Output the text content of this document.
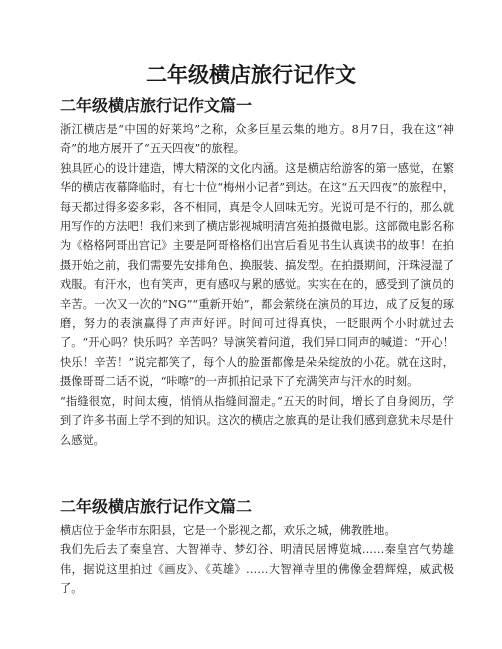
二年级横店旅行记作文
二年级横店旅行记作文篇一

浙江横店是“中国的好莱坞”之称，众多巨星云集的地方。8月7日，我在这“神奇”的地方展开了“五天四夜”的旅程。

独具匠心的设计建造，博大精深的文化内涵。这是横店给游客的第一感觉，在繁华的横店夜幕降临时，有七十位“梅州小记者”到达。在这“五天四夜”的旅程中，每天都过得多姿多彩，各不相同，真是令人回味无穷。光说可是不行的，那么就用写作的方法吧！我们来到了横店影视城明清宫苑拍摄微电影。这部微电影名称为《格格阿哥出宫记》主要是阿哥格格们出宫后看见书生认真读书的故事！在拍摄开始之前，我们需要先安排角色、换服装、搞发型。在拍摄期间，汗珠浸湿了戏服。有汗水，也有笑声，更有感叹与累的感觉。实实在在的，感受到了演员的辛苦。一次又一次的“NG”“重新开始”，都会萦绕在演员的耳边，成了反复的琢磨，努力的表演赢得了声声好评。时间可过得真快，一眨眼两个小时就过去了。“开心吗？快乐吗？辛苦吗？导演笑着问道，我们异口同声的喊道：“开心！快乐！辛苦！”说完都笑了，每个人的脸蛋都像是朵朵绽放的小花。就在这时，摄像哥哥二话不说，“咔嚓”的一声抓拍记录下了充满笑声与汗水的时刻。

“指缝很宽，时间太瘦，悄悄从指缝间溜走。”五天的时间，增长了自身阅历，学到了许多书面上学不到的知识。这次的横店之旅真的是让我们感到意犹未尽是什么感觉。

二年级横店旅行记作文篇二

横店位于金华市东阳县，它是一个影视之都，欢乐之城，佛教胜地。

我们先后去了秦皇宫、大智禅寺、梦幻谷、明清民居博览城……秦皇宫气势雄伟，据说这里拍过《画皮》、《英雄》……大智禅寺里的佛像金碧辉煌，威武极了。
